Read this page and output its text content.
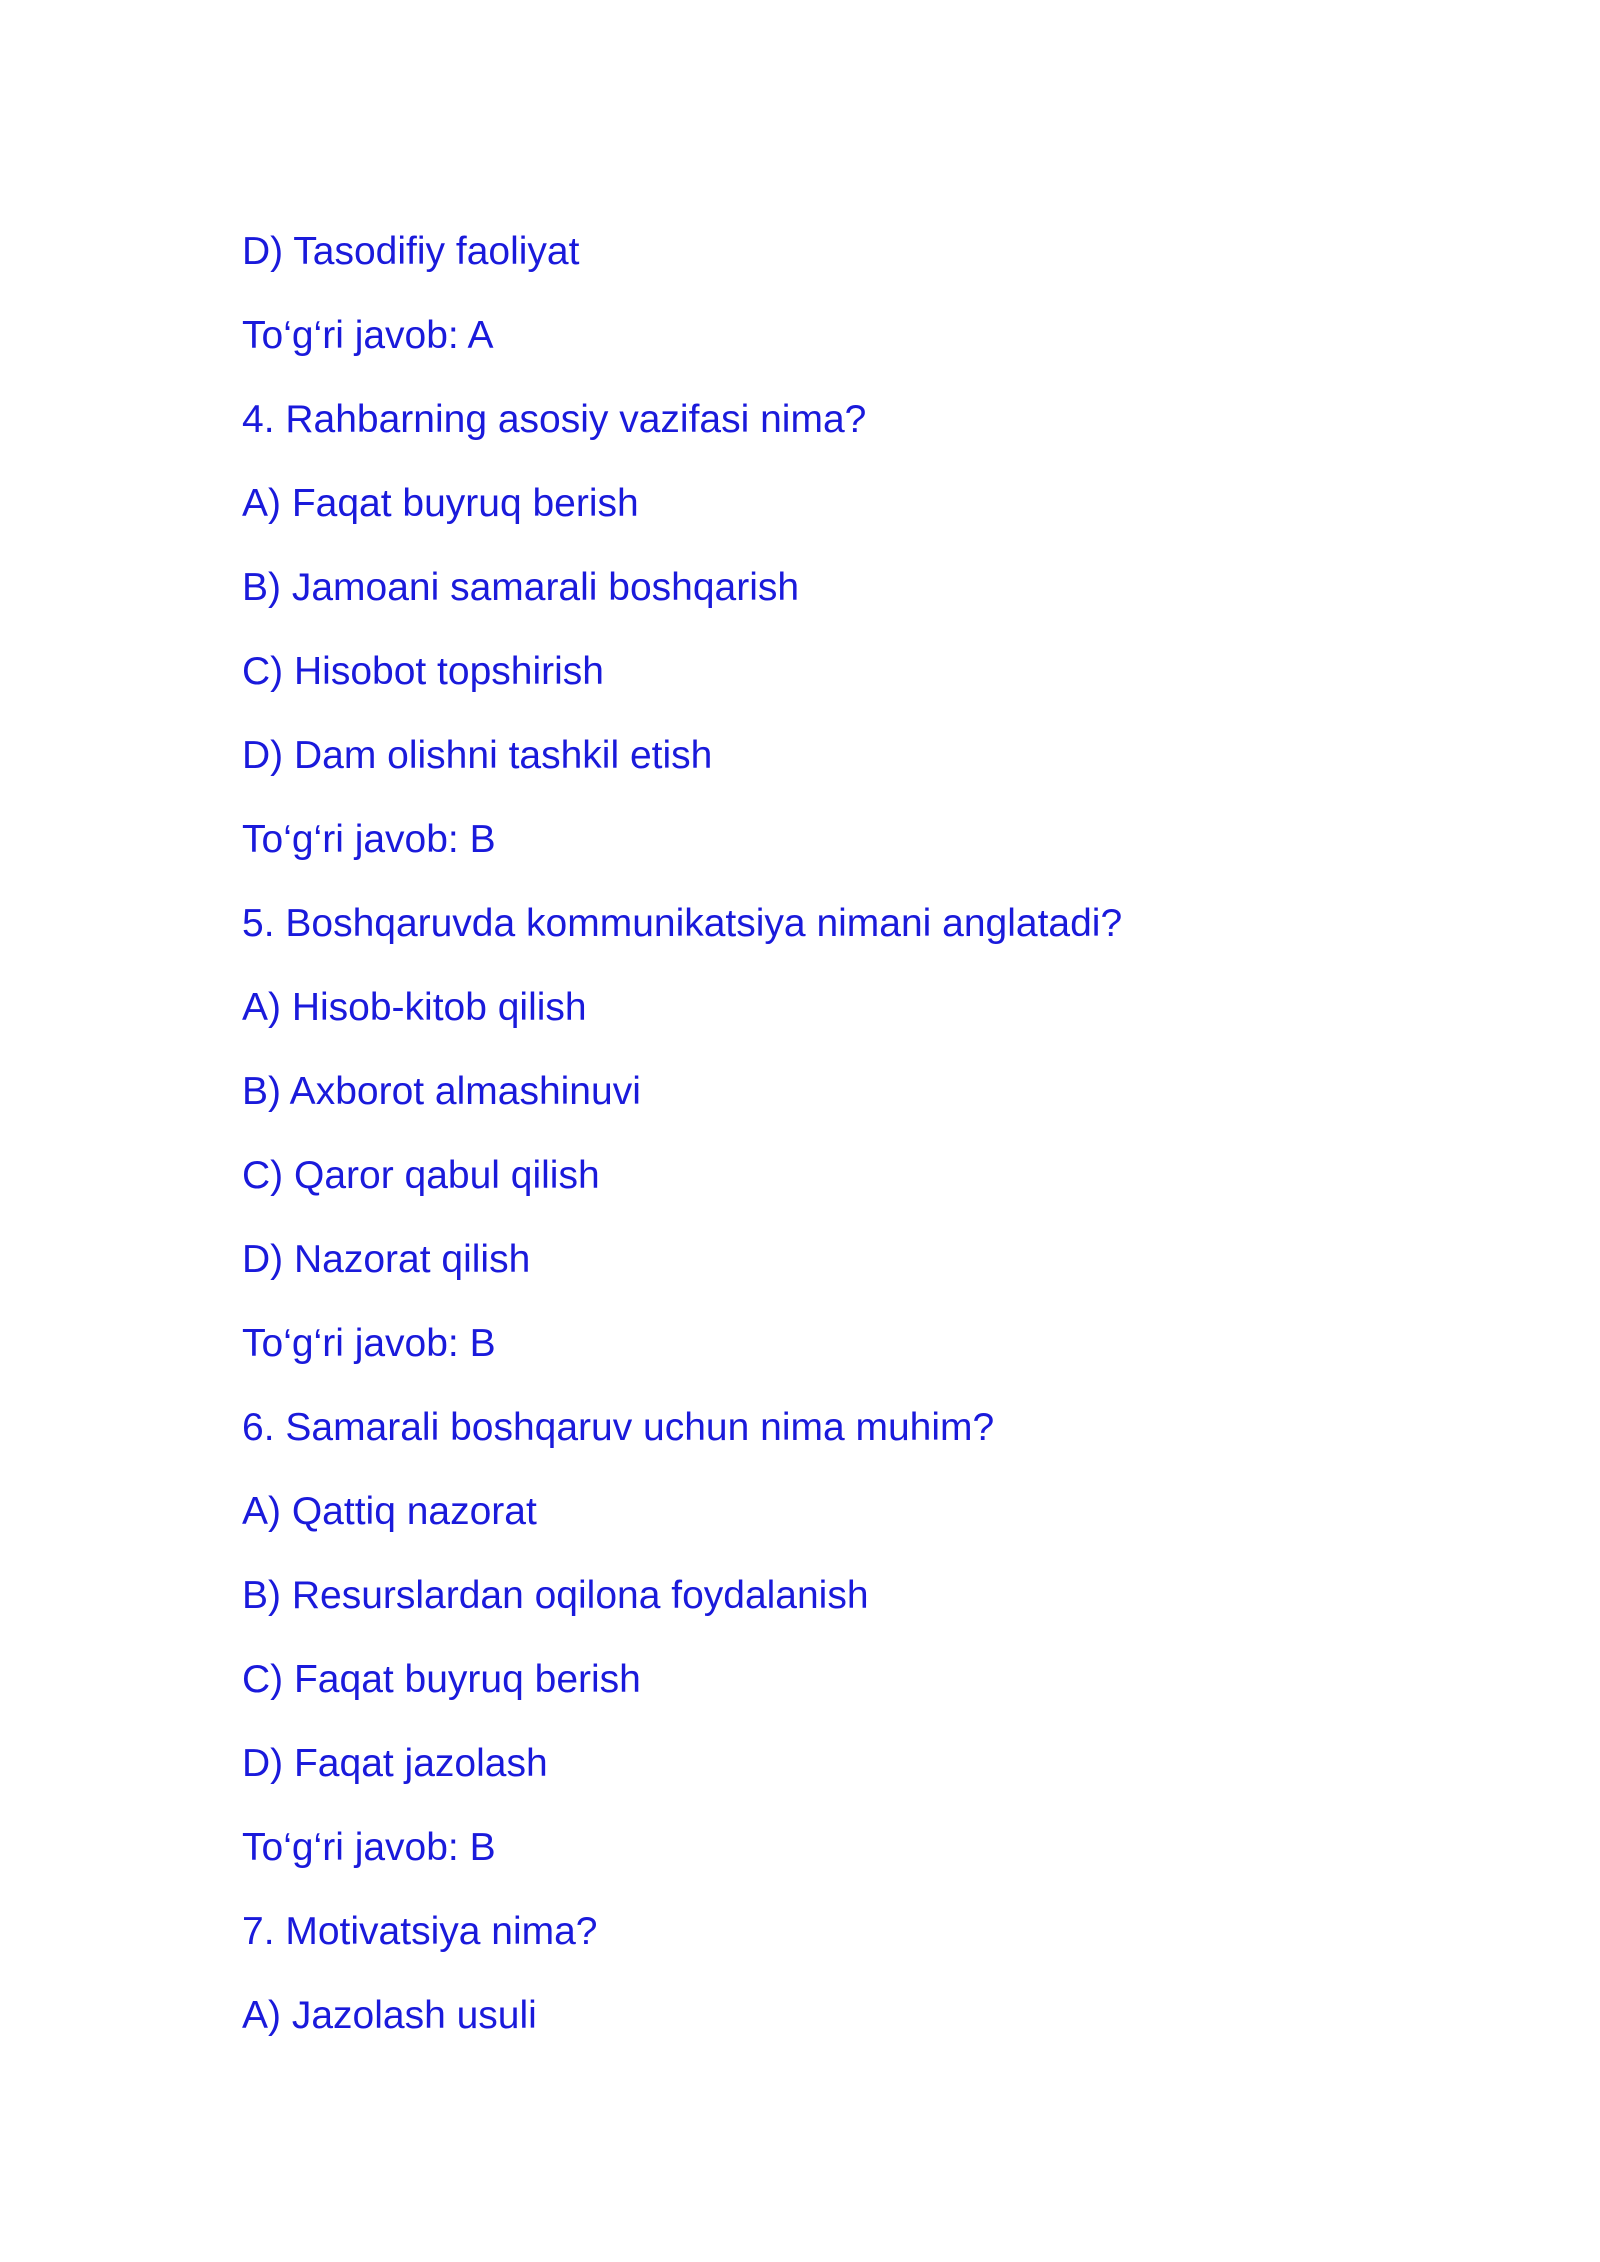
D) Tasodifiy faoliyat
To‘g‘ri javob: A
4. Rahbarning asosiy vazifasi nima?
A) Faqat buyruq berish
B) Jamoani samarali boshqarish
C) Hisobot topshirish
D) Dam olishni tashkil etish
To‘g‘ri javob: B
5. Boshqaruvda kommunikatsiya nimani anglatadi?
A) Hisob-kitob qilish
B) Axborot almashinuvi
C) Qaror qabul qilish
D) Nazorat qilish
To‘g‘ri javob: B
6. Samarali boshqaruv uchun nima muhim?
A) Qattiq nazorat
B) Resurslardan oqilona foydalanish
C) Faqat buyruq berish
D) Faqat jazolash
To‘g‘ri javob: B
7. Motivatsiya nima?
A) Jazolash usuli
